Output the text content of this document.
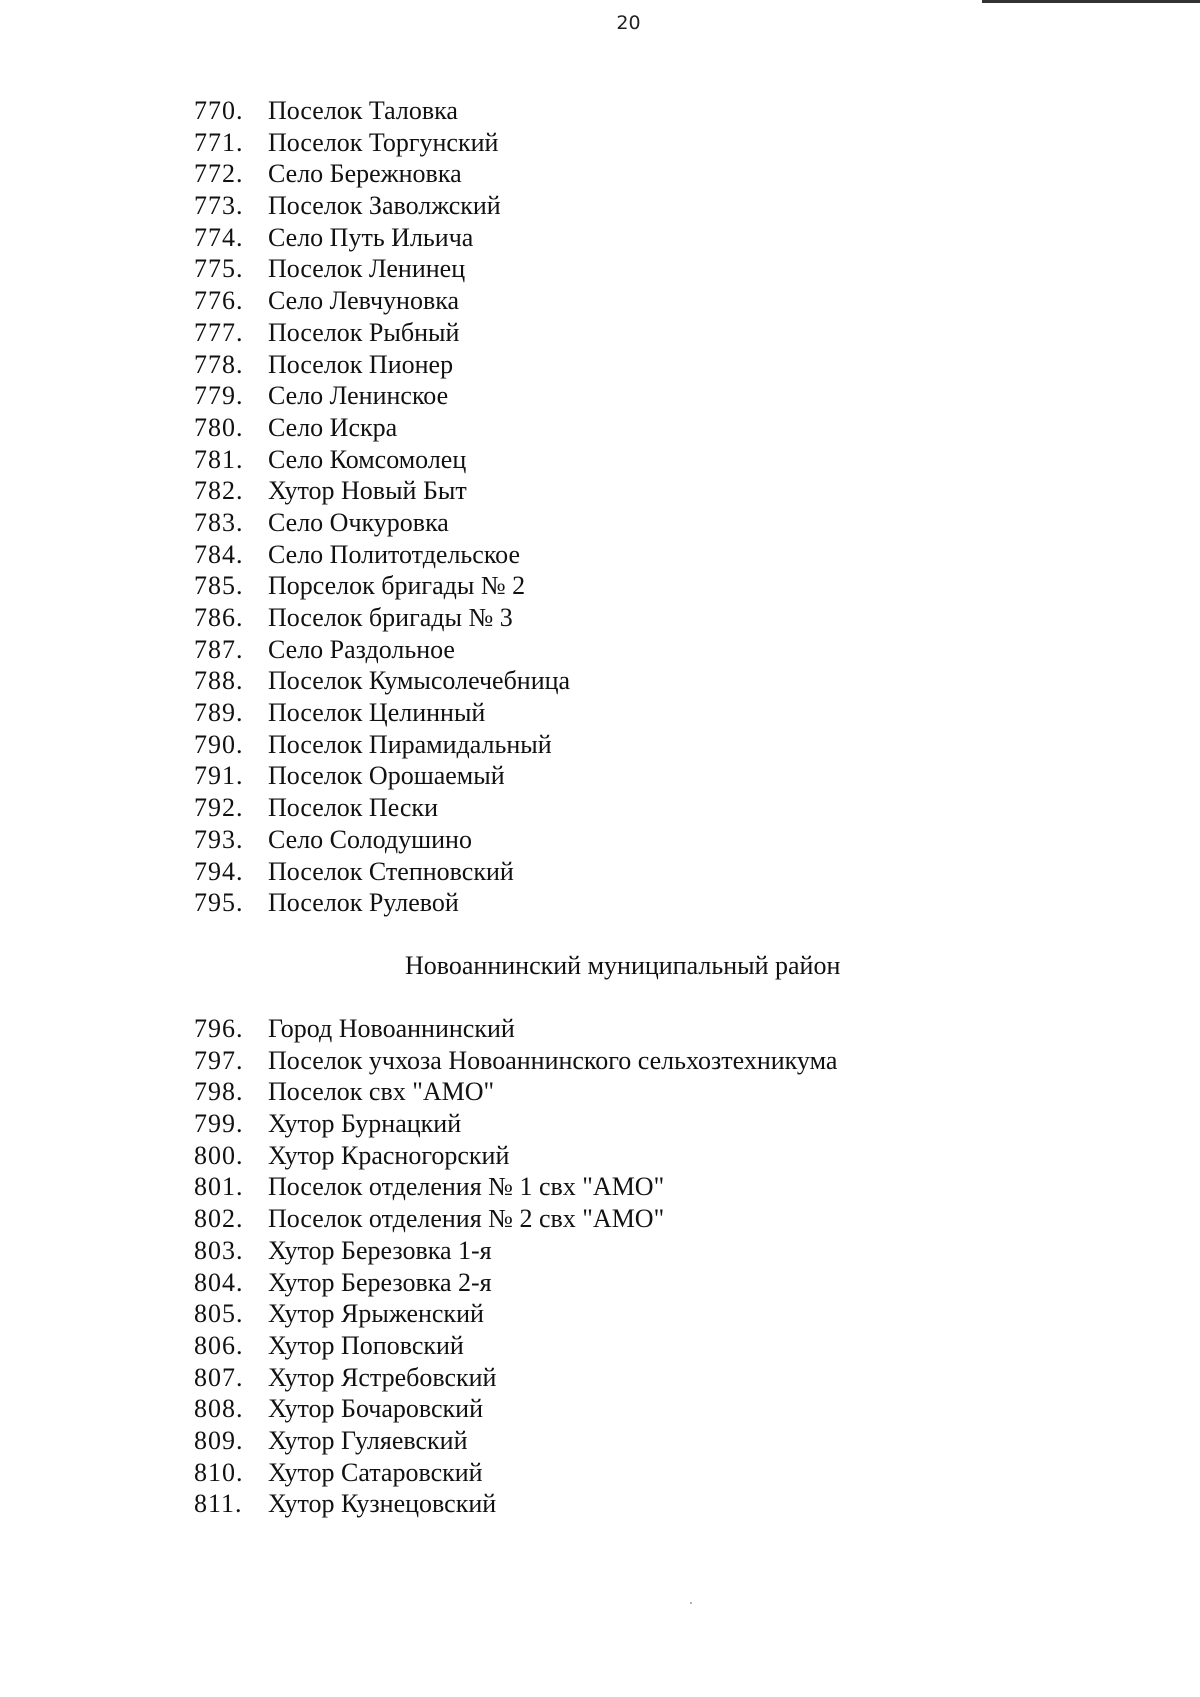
20
770. Поселок Таловка
771. Поселок Торгунский
772. Село Бережновка
773. Поселок Заволжский
774. Село Путь Ильича
775. Поселок Ленинец
776. Село Левчуновка
777. Поселок Рыбный
778. Поселок Пионер
779. Село Ленинское
780. Село Искра
781. Село Комсомолец
782. Хутор Новый Быт
783. Село Очкуровка
784. Село Политотдельское
785. Порселок бригады № 2
786. Поселок бригады № 3
787. Село Раздольное
788. Поселок Кумысолечебница
789. Поселок Целинный
790. Поселок Пирамидальный
791. Поселок Орошаемый
792. Поселок Пески
793. Село Солодушино
794. Поселок Степновский
795. Поселок Рулевой
Новоаннинский муниципальный район
796. Город Новоаннинский
797. Поселок учхоза Новоаннинского сельхозтехникума
798. Поселок свх "АМО"
799. Хутор Бурнацкий
800. Хутор Красногорский
801. Поселок отделения № 1 свх "АМО"
802. Поселок отделения № 2 свх "АМО"
803. Хутор Березовка 1-я
804. Хутор Березовка 2-я
805. Хутор Ярыженский
806. Хутор Поповский
807. Хутор Ястребовский
808. Хутор Бочаровский
809. Хутор Гуляевский
810. Хутор Сатаровский
811. Хутор Кузнецовский
